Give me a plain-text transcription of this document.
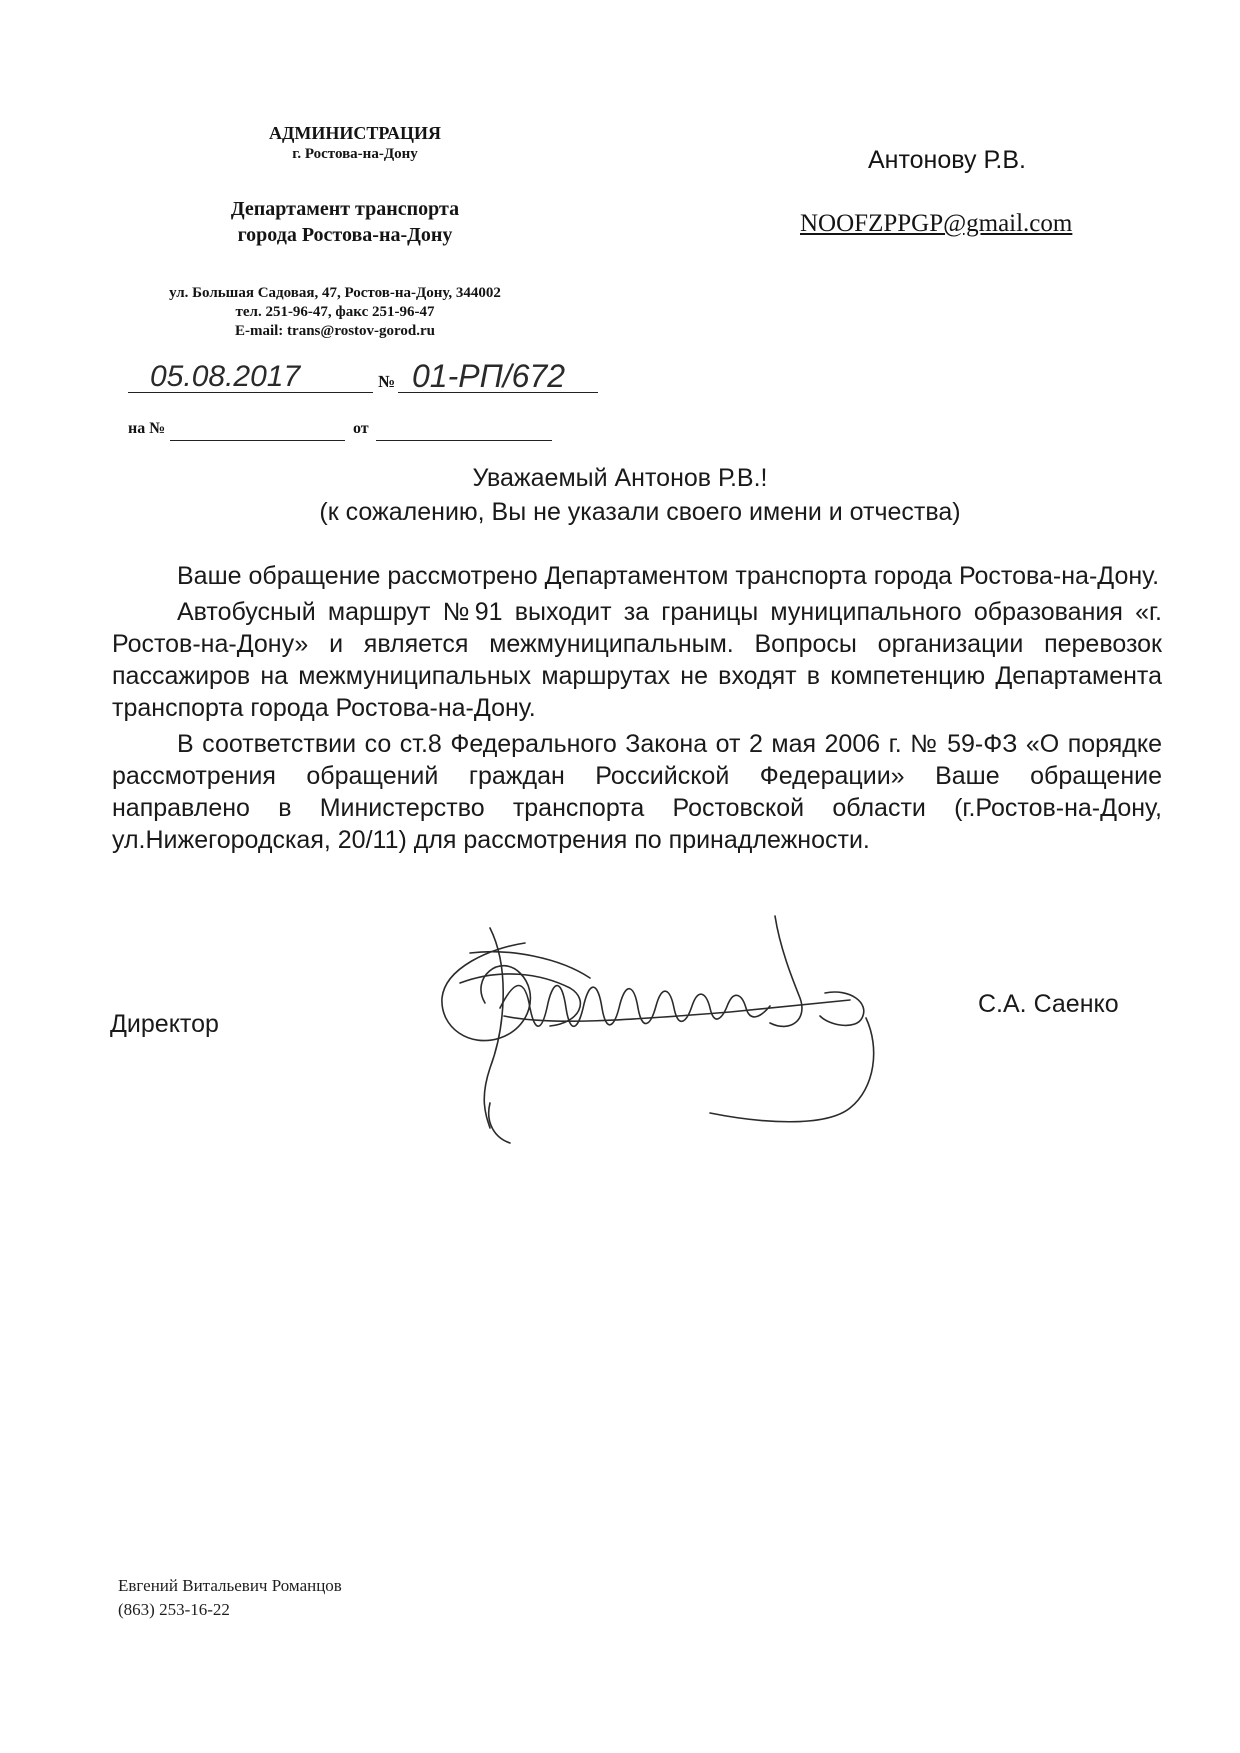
АДМИНИСТРАЦИЯ
г. Ростова-на-Дону
Департамент транспорта
города Ростова-на-Дону
ул. Большая Садовая, 47, Ростов-на-Дону, 344002
тел. 251-96-47, факс 251-96-47
E-mail: trans@rostov-gorod.ru
05.08.2017	№ 01-РП/672
на №	от
Антонову Р.В.
NOOFZPPGP@gmail.com
Уважаемый Антонов Р.В.!
(к сожалению, Вы не указали своего имени и отчества)

Ваше обращение рассмотрено Департаментом транспорта города Ростова-на-Дону.

Автобусный маршрут №91 выходит за границы муниципального образования «г. Ростов-на-Дону» и является межмуниципальным. Вопросы организации перевозок пассажиров на межмуниципальных маршрутах не входят в компетенцию Департамента транспорта города Ростова-на-Дону.

В соответствии со ст.8 Федерального Закона от 2 мая 2006 г. № 59-ФЗ «О порядке рассмотрения обращений граждан Российской Федерации» Ваше обращение направлено в Министерство транспорта Ростовской области (г.Ростов-на-Дону, ул.Нижегородская, 20/11) для рассмотрения по принадлежности.

Директор
С.А. Саенко
Евгений Витальевич Романцов
(863) 253-16-22
